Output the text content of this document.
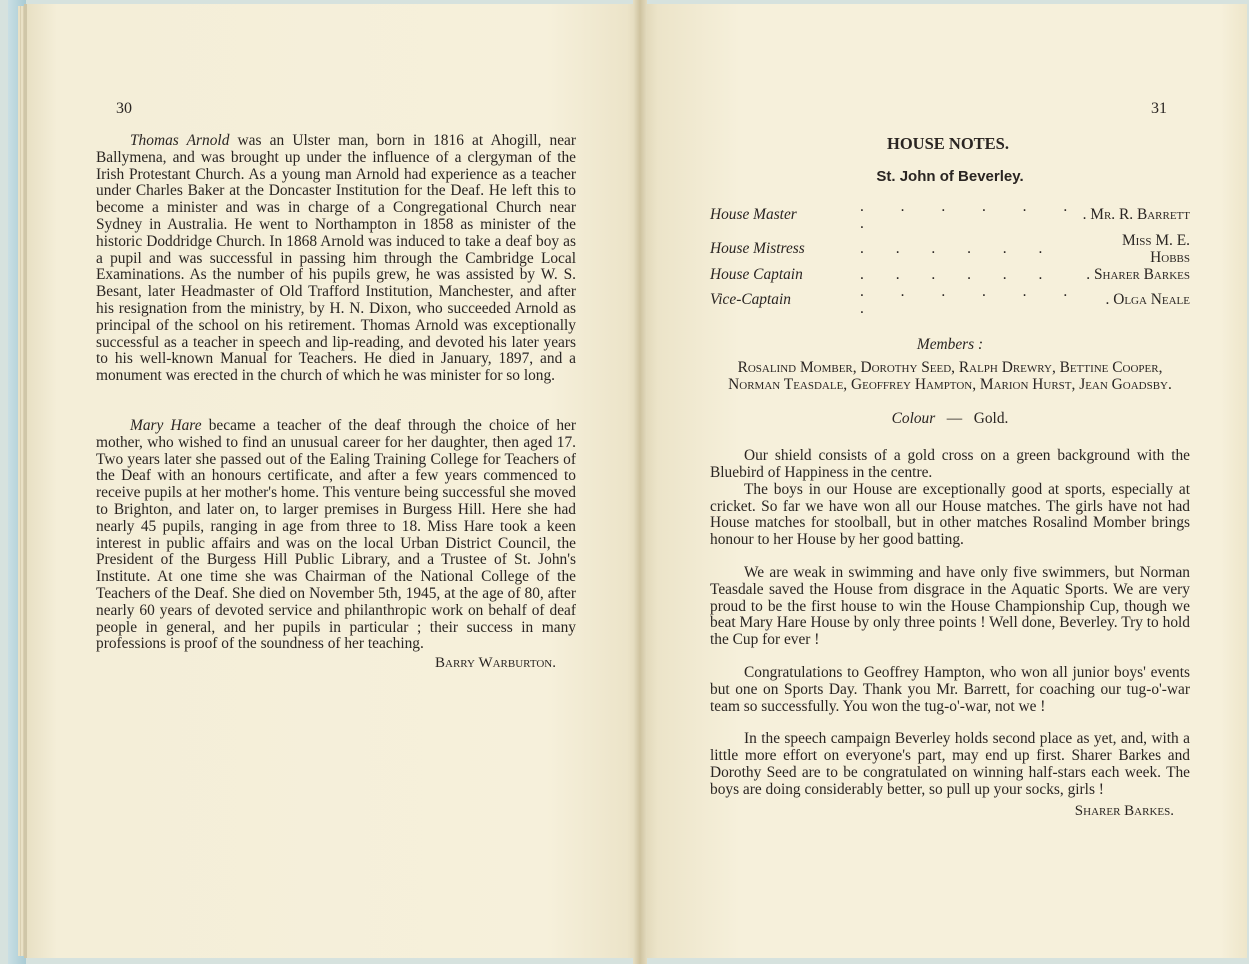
30	31

Thomas Arnold was an Ulster man, born in 1816 at Ahogill, near Ballymena, and was brought up under the influence of a clergyman of the Irish Protestant Church. As a young man Arnold had experience as a teacher under Charles Baker at the Doncaster Institution for the Deaf. He left this to become a minister and was in charge of a Congregational Church near Sydney in Australia. He went to Northampton in 1858 as minister of the historic Doddridge Church. In 1868 Arnold was induced to take a deaf boy as a pupil and was successful in passing him through the Cambridge Local Examinations. As the number of his pupils grew, he was assisted by W. S. Besant, later Headmaster of Old Trafford Institution, Manchester, and after his resignation from the ministry, by H. N. Dixon, who succeeded Arnold as principal of the school on his retirement. Thomas Arnold was exceptionally successful as a teacher in speech and lip-reading, and devoted his later years to his well-known Manual for Teachers. He died in January, 1897, and a monument was erected in the church of which he was minister for so long.

Mary Hare became a teacher of the deaf through the choice of her mother, who wished to find an unusual career for her daughter, then aged 17. Two years later she passed out of the Ealing Training College for Teachers of the Deaf with an honours certificate, and after a few years commenced to receive pupils at her mother's home. This venture being successful she moved to Brighton, and later on, to larger premises in Burgess Hill. Here she had nearly 45 pupils, ranging in age from three to 18. Miss Hare took a keen interest in public affairs and was on the local Urban District Council, the President of the Burgess Hill Public Library, and a Trustee of St. John's Institute. At one time she was Chairman of the National College of the Teachers of the Deaf. She died on November 5th, 1945, at the age of 80, after nearly 60 years of devoted service and philanthropic work on behalf of deaf people in general, and her pupils in particular ; their success in many professions is proof of the soundness of her teaching.

Barry Warburton.
HOUSE NOTES.
St. John of Beverley.
House Master	. . . . . . .	. Mr. R. Barrett
House Mistress	. . . . . .	Miss M. E. Hobbs
House Captain	. . . . . .	. Sharer Barkes
Vice-Captain	. . . . . . .	. Olga Neale
Members :
Rosalind Momber, Dorothy Seed, Ralph Drewry, Bettine Cooper, Norman Teasdale, Geoffrey Hampton, Marion Hurst, Jean Goadsby.
Colour — Gold.

Our shield consists of a gold cross on a green background with the Bluebird of Happiness in the centre.

The boys in our House are exceptionally good at sports, especially at cricket. So far we have won all our House matches. The girls have not had House matches for stoolball, but in other matches Rosalind Momber brings honour to her House by her good batting.

We are weak in swimming and have only five swimmers, but Norman Teasdale saved the House from disgrace in the Aquatic Sports. We are very proud to be the first house to win the House Championship Cup, though we beat Mary Hare House by only three points ! Well done, Beverley. Try to hold the Cup for ever !

Congratulations to Geoffrey Hampton, who won all junior boys' events but one on Sports Day. Thank you Mr. Barrett, for coaching our tug-o'-war team so successfully. You won the tug-o'-war, not we !

In the speech campaign Beverley holds second place as yet, and, with a little more effort on everyone's part, may end up first. Sharer Barkes and Dorothy Seed are to be congratulated on winning half-stars each week. The boys are doing considerably better, so pull up your socks, girls !

Sharer Barkes.
